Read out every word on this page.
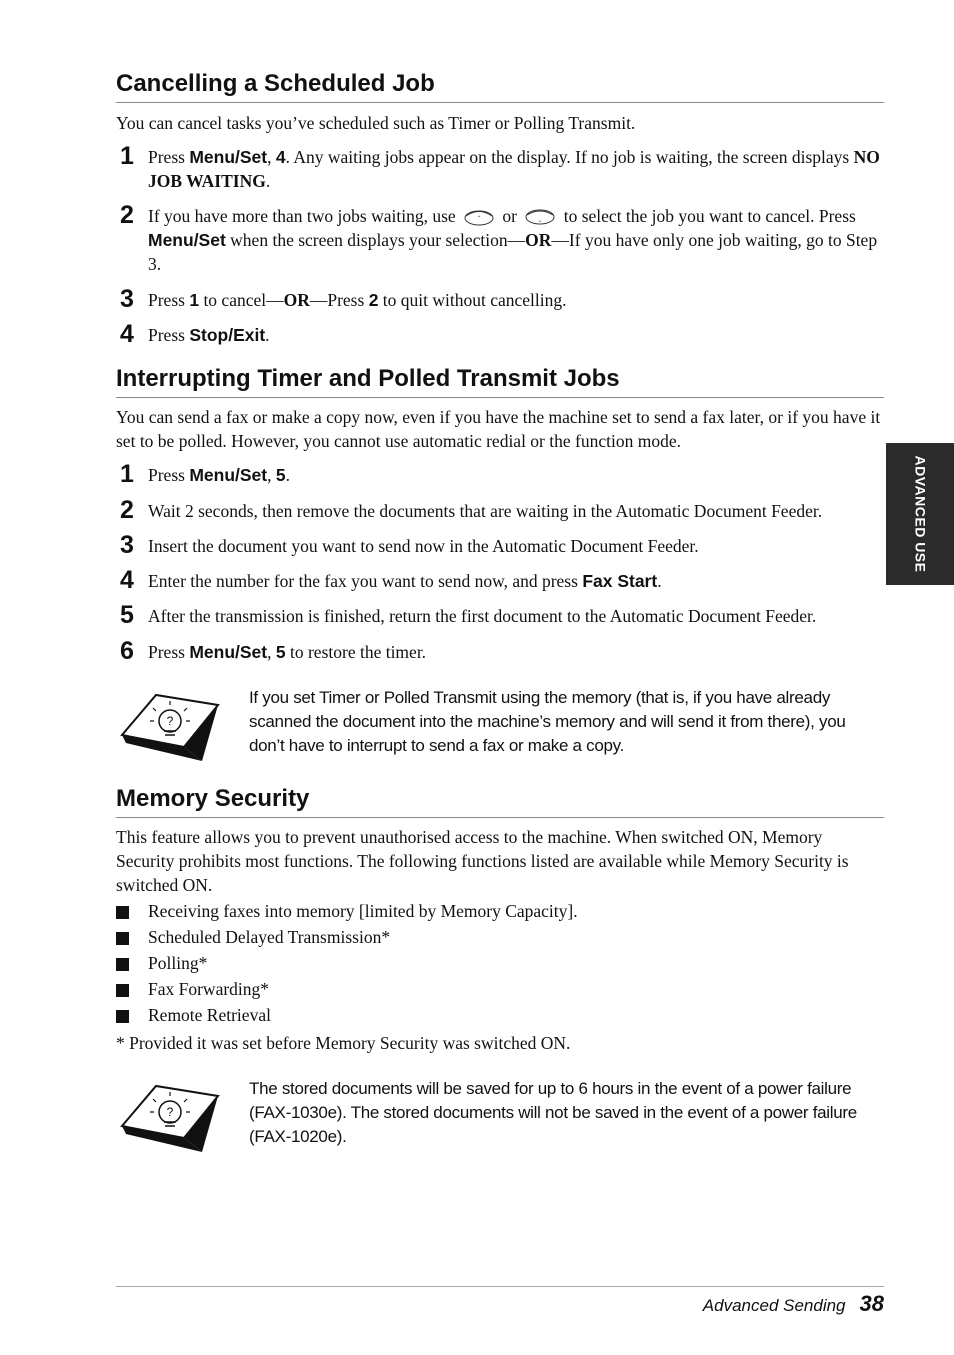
Cancelling a Scheduled Job

You can cancel tasks you’ve scheduled such as Timer or Polling Transmit.

1 Press Menu/Set, 4. Any waiting jobs appear on the display. If no job is waiting, the screen displays NO JOB WAITING.
2 If you have more than two jobs waiting, use	⌃ or	⌄ to select the job you want to cancel. Press Menu/Set when the screen displays your selection—OR—If you have only one job waiting, go to Step 3.
3 Press 1 to cancel—OR—Press 2 to quit without cancelling.
4 Press Stop/Exit.
Interrupting Timer and Polled Transmit Jobs

You can send a fax or make a copy now, even if you have the machine set to send a fax later, or if you have it set to be polled. However, you cannot use automatic redial or the function mode.

1 Press Menu/Set, 5.
2 Wait 2 seconds, then remove the documents that are waiting in the Automatic Document Feeder.
3 Insert the document you want to send now in the Automatic Document Feeder.
4 Enter the number for the fax you want to send now, and press Fax Start.
5 After the transmission is finished, return the first document to the Automatic Document Feeder.
6 Press Menu/Set, 5 to restore the timer.
?
If you set Timer or Polled Transmit using the memory (that is, if you have already scanned the document into the machine’s memory and will send it from there), you don’t have to interrupt to send a fax or make a copy.
Memory Security

This feature allows you to prevent unauthorised access to the machine. When switched ON, Memory Security prohibits most functions. The following functions listed are available while Memory Security is switched ON.

Receiving faxes into memory [limited by Memory Capacity].
Scheduled Delayed Transmission*
Polling*
Fax Forwarding*
Remote Retrieval

* Provided it was set before Memory Security was switched ON.

?
The stored documents will be saved for up to 6 hours in the event of a power failure (FAX-1030e). The stored documents will not be saved in the event of a power failure (FAX-1020e).
ADVANCED USE
Advanced Sending 38
